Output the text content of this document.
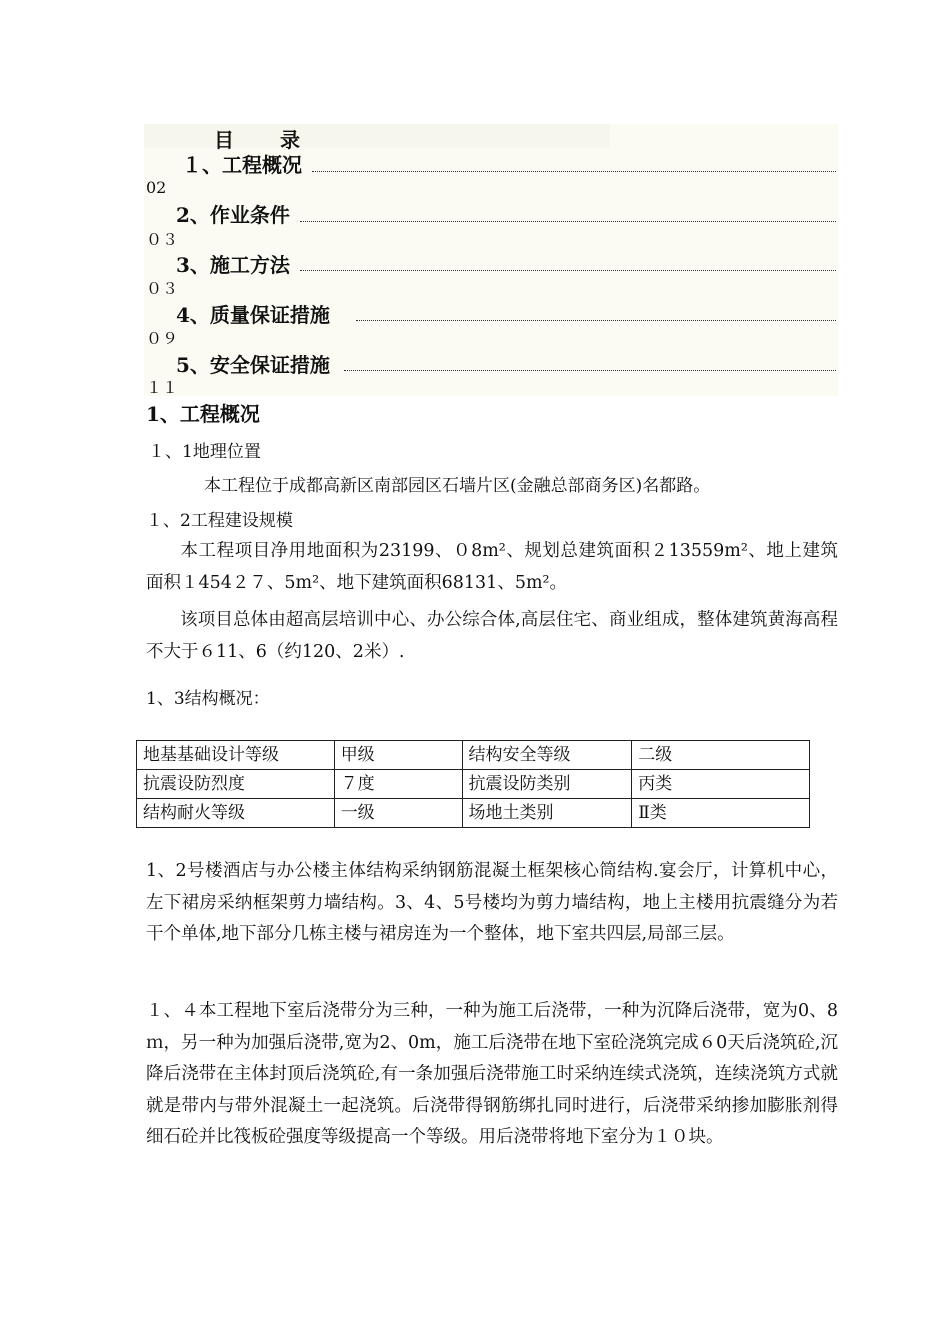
目　　录
１、工程概况
02
2、作业条件
０３
3、施工方法
０３
4、质量保证措施
０９
5、安全保证措施
１１
1、工程概况
１、1地理位置
本工程位于成都高新区南部园区石墙片区(金融总部商务区)名都路。
１、2工程建设规模
本工程项目净用地面积为23199、０8m²、规划总建筑面积２13559m²、地上建筑面积１454２７、5m²、地下建筑面积68131、5m²。
该项目总体由超高层培训中心、办公综合体,高层住宅、商业组成，整体建筑黄海高程不大于６11、6（约120、2米）.
1、3结构概况：
地基基础设计等级	甲级	结构安全等级	二级
抗震设防烈度	７度	抗震设防类别	丙类
结构耐火等级	一级	场地土类别	Ⅱ类
1、2号楼酒店与办公楼主体结构采纳钢筋混凝土框架核心筒结构.宴会厅，计算机中心，左下裙房采纳框架剪力墙结构。3、4、5号楼均为剪力墙结构，地上主楼用抗震缝分为若干个单体,地下部分几栋主楼与裙房连为一个整体，地下室共四层,局部三层。
１、４本工程地下室后浇带分为三种，一种为施工后浇带，一种为沉降后浇带，宽为0、8ｍ，另一种为加强后浇带,宽为2、0m，施工后浇带在地下室砼浇筑完成６0天后浇筑砼,沉降后浇带在主体封顶后浇筑砼,有一条加强后浇带施工时采纳连续式浇筑，连续浇筑方式就就是带内与带外混凝土一起浇筑。后浇带得钢筋绑扎同时进行，后浇带采纳掺加膨胀剂得细石砼并比筏板砼强度等级提高一个等级。用后浇带将地下室分为１０块。
